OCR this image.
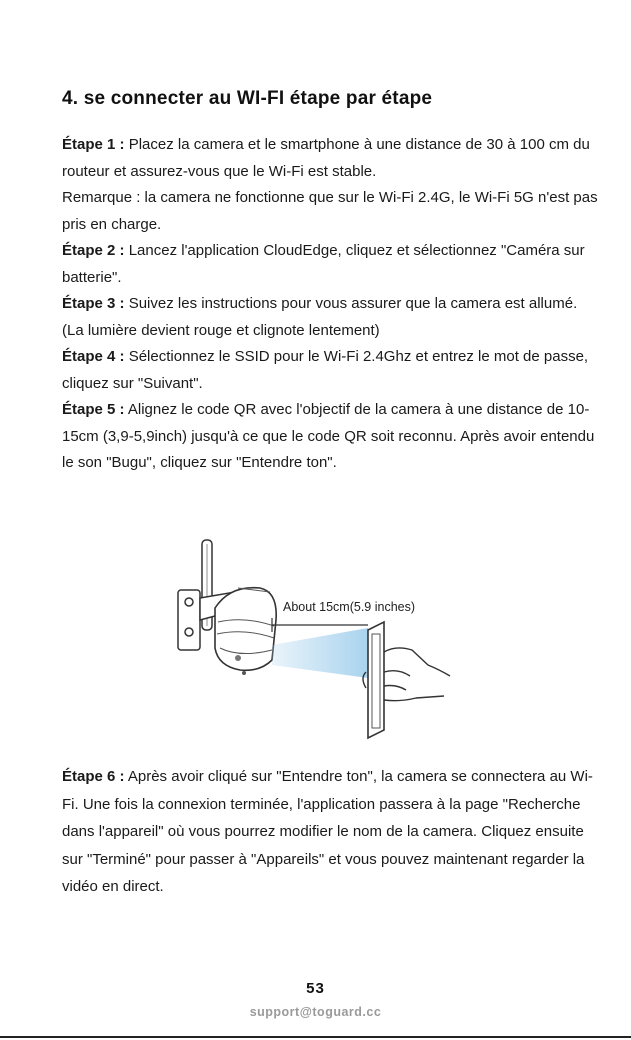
4. se connecter au WI-FI étape par étape

Étape 1 : Placez la camera et le smartphone à une distance de 30 à 100 cm du routeur et assurez-vous que le Wi-Fi est stable.
Remarque : la camera ne fonctionne que sur le Wi-Fi 2.4G, le Wi-Fi 5G n'est pas pris en charge.

Étape 2 : Lancez l'application CloudEdge, cliquez et sélectionnez "Caméra sur batterie".

Étape 3 : Suivez les instructions pour vous assurer que la camera est allumé. (La lumière devient rouge et clignote lentement)

Étape 4 : Sélectionnez le SSID pour le Wi-Fi 2.4Ghz et entrez le mot de passe, cliquez sur "Suivant".

Étape 5 : Alignez le code QR avec l'objectif de la camera à une distance de 10-15cm (3,9-5,9inch) jusqu'à ce que le code QR soit reconnu. Après avoir entendu le son "Bugu", cliquez sur "Entendre ton".

About 15cm(5.9 inches)

Étape 6 : Après avoir cliqué sur "Entendre ton", la camera se connectera au Wi-Fi. Une fois la connexion terminée, l'application passera à la page "Recherche dans l'appareil" où vous pourrez modifier le nom de la camera. Cliquez ensuite sur "Terminé" pour passer à "Appareils" et vous pouvez maintenant regarder la vidéo en direct.

53
support@toguard.cc
